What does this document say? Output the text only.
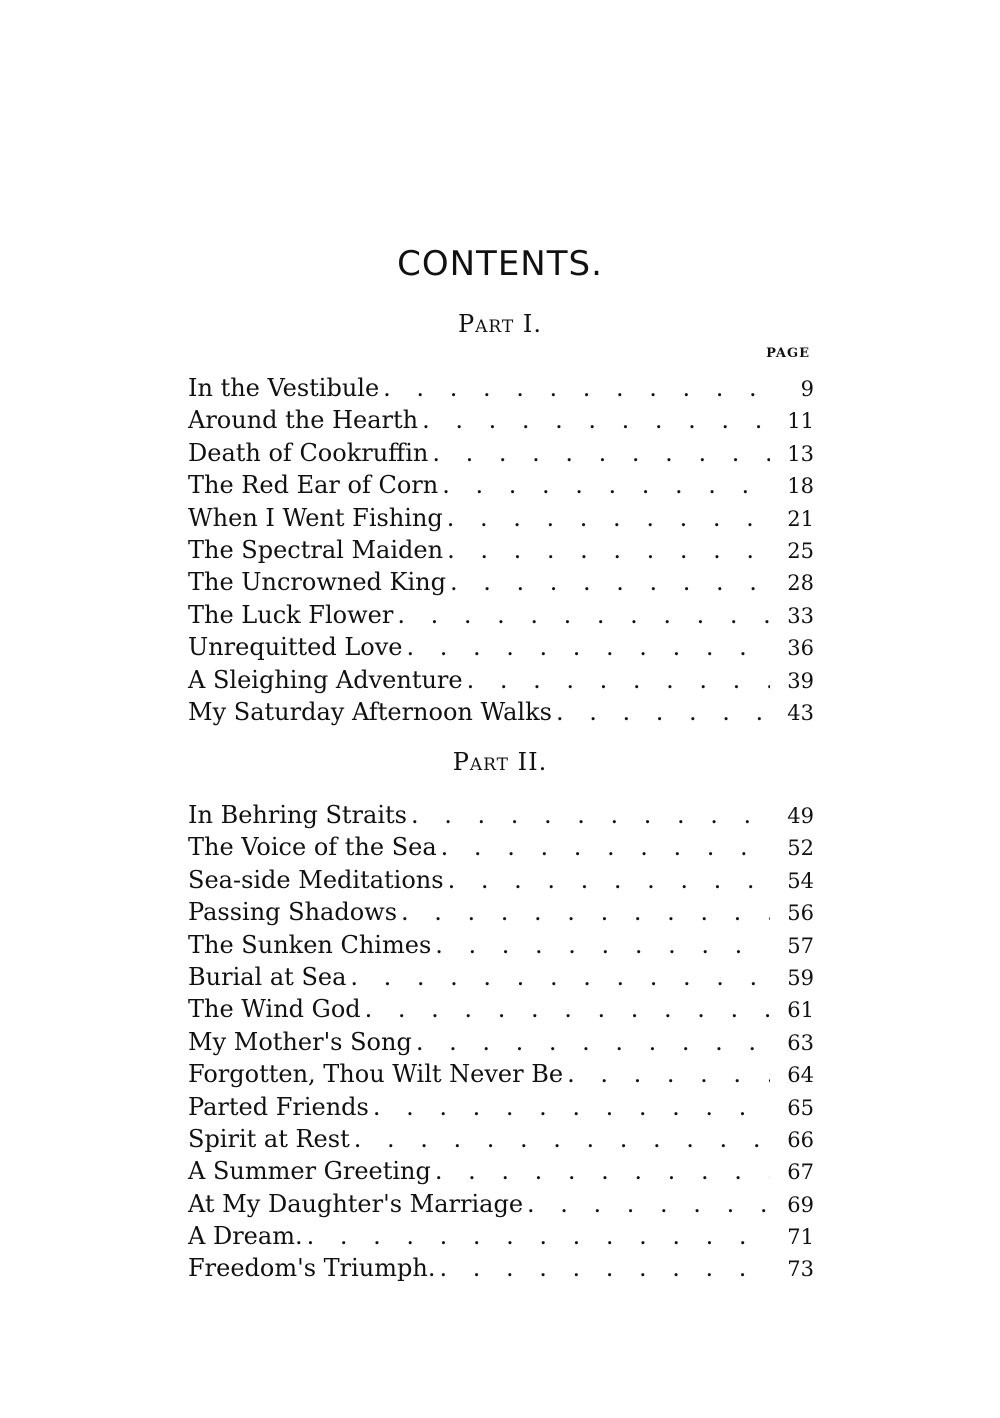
CONTENTS.
Part I.
PAGE
In the Vestibule . . .	9
Around the Hearth . . .	11
Death of Cookruffin . . .	13
The Red Ear of Corn . . .	18
When I Went Fishing . . .	21
The Spectral Maiden . . .	25
The Uncrowned King . . .	28
The Luck Flower . . .	33
Unrequitted Love . . .	36
A Sleighing Adventure . . .	39
My Saturday Afternoon Walks . . .	43
Part II.
In Behring Straits . . .	49
The Voice of the Sea . . .	52
Sea-side Meditations . . .	54
Passing Shadows . . .	56
The Sunken Chimes . . .	57
Burial at Sea . . .	59
The Wind God . . .	61
My Mother's Song . . .	63
Forgotten, Thou Wilt Never Be . . .	64
Parted Friends . . .	65
Spirit at Rest . . .	66
A Summer Greeting . . .	67
At My Daughter's Marriage . . .	69
A Dream. . . .	71
Freedom's Triumph. . . .	73
